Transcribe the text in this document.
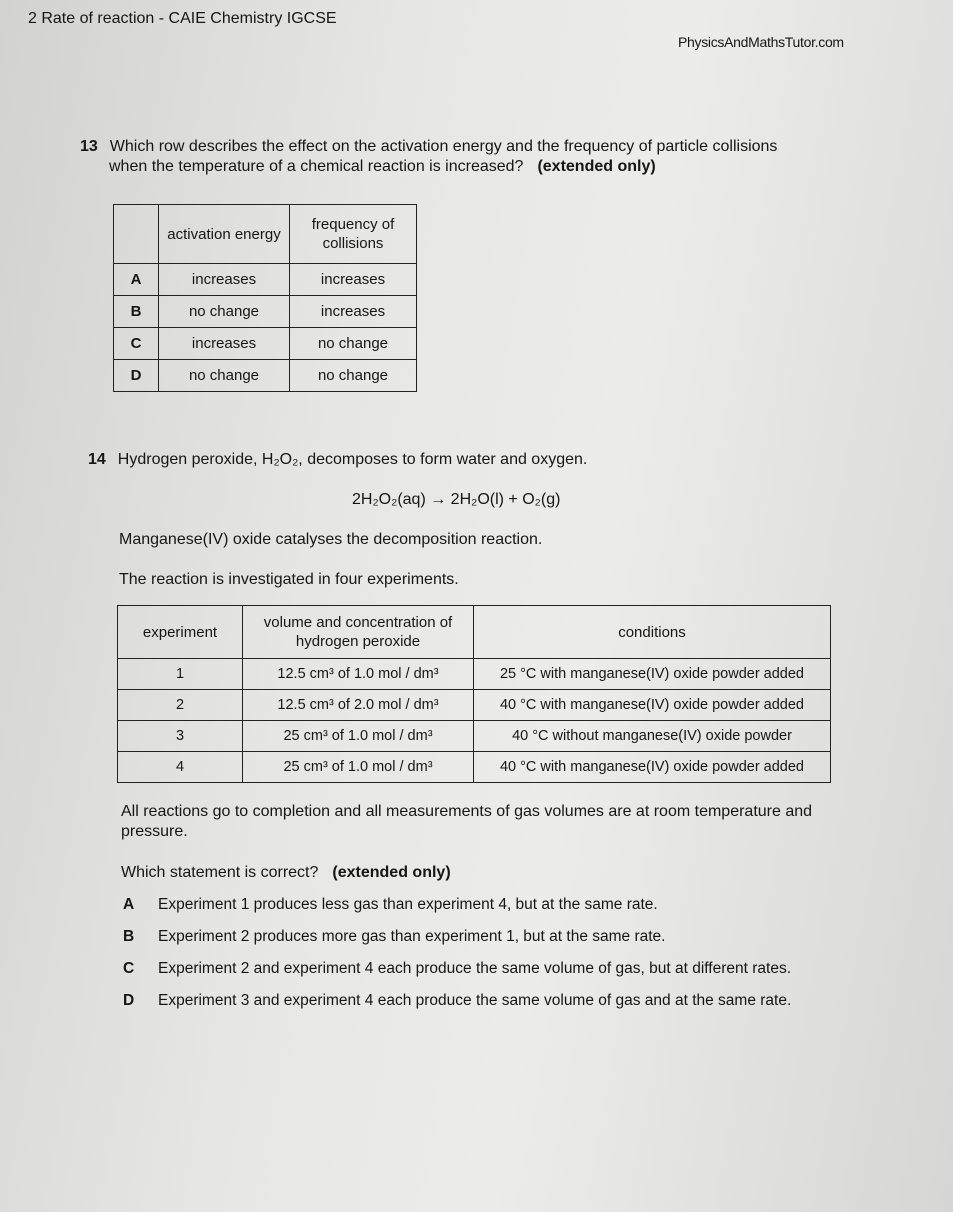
2 Rate of reaction - CAIE Chemistry IGCSE
PhysicsAndMathsTutor.com
13 Which row describes the effect on the activation energy and the frequency of particle collisions
when the temperature of a chemical reaction is increased? (extended only)
	activation energy	frequency of collisions
A	increases	increases
B	no change	increases
C	increases	no change
D	no change	no change
14 Hydrogen peroxide, H₂O₂, decomposes to form water and oxygen.
2H₂O₂(aq) → 2H₂O(l) + O₂(g)
Manganese(IV) oxide catalyses the decomposition reaction.
The reaction is investigated in four experiments.
experiment	volume and concentration of hydrogen peroxide	conditions
1	12.5 cm³ of 1.0 mol / dm³	25 °C with manganese(IV) oxide powder added
2	12.5 cm³ of 2.0 mol / dm³	40 °C with manganese(IV) oxide powder added
3	25 cm³ of 1.0 mol / dm³	40 °C without manganese(IV) oxide powder
4	25 cm³ of 1.0 mol / dm³	40 °C with manganese(IV) oxide powder added
All reactions go to completion and all measurements of gas volumes are at room temperature and pressure.
Which statement is correct? (extended only)
A	Experiment 1 produces less gas than experiment 4, but at the same rate.
B	Experiment 2 produces more gas than experiment 1, but at the same rate.
C	Experiment 2 and experiment 4 each produce the same volume of gas, but at different rates.
D	Experiment 3 and experiment 4 each produce the same volume of gas and at the same rate.
